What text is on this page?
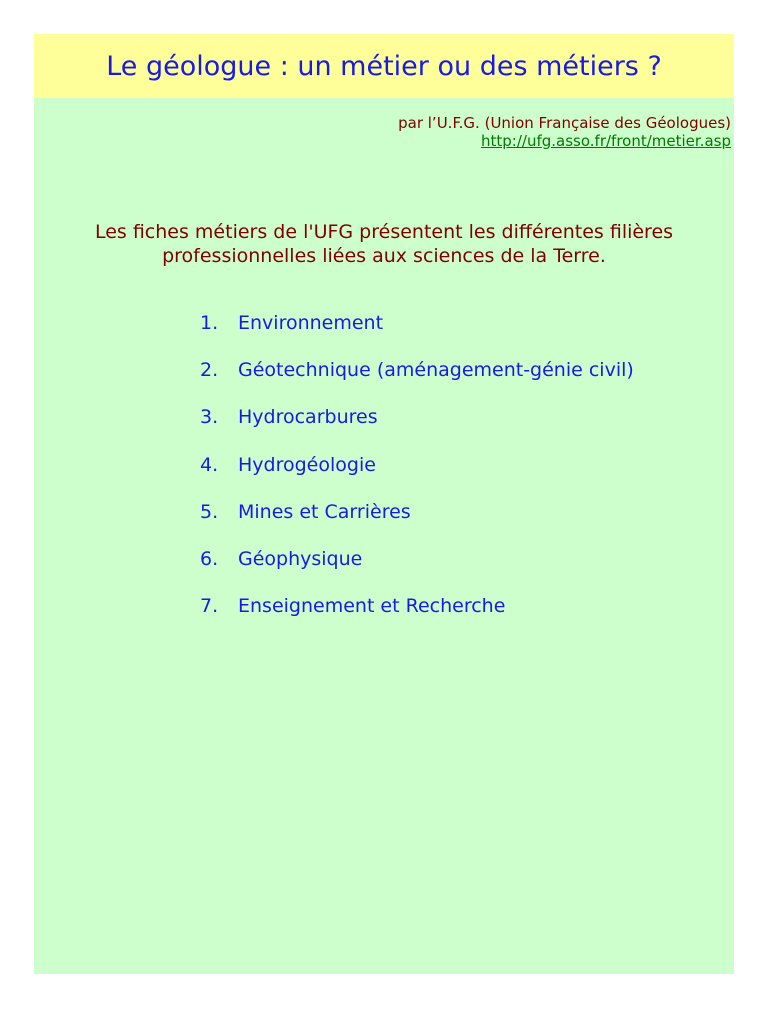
Le géologue : un métier ou des métiers ?
par l’U.F.G. (Union Française des Géologues)
http://ufg.asso.fr/front/metier.asp
Les fiches métiers de l'UFG présentent les différentes filières
professionnelles liées aux sciences de la Terre.
1. Environnement
2. Géotechnique (aménagement-génie civil)
3. Hydrocarbures
4. Hydrogéologie
5. Mines et Carrières
6. Géophysique
7. Enseignement et Recherche
